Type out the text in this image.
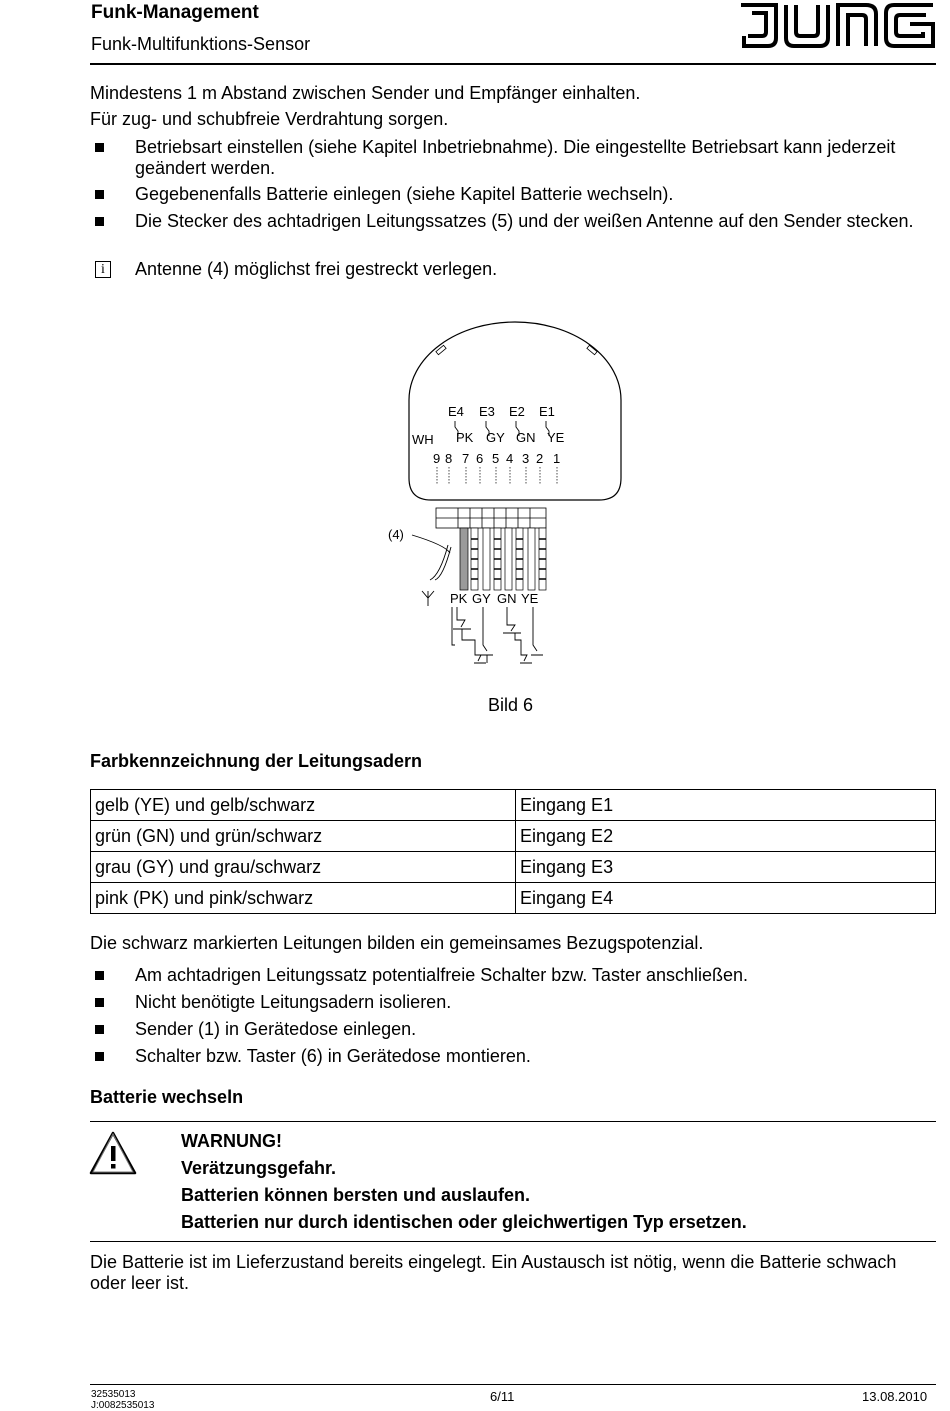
Funk-Management
Funk-Multifunktions-Sensor
Mindestens 1 m Abstand zwischen Sender und Empfänger einhalten.
Für zug- und schubfreie Verdrahtung sorgen.
Betriebsart einstellen (siehe Kapitel Inbetriebnahme). Die eingestellte Betriebsart kann jederzeit geändert werden.
Gegebenenfalls Batterie einlegen (siehe Kapitel Batterie wechseln).
Die Stecker des achtadrigen Leitungssatzes (5) und der weißen Antenne auf den Sender stecken.
i	Antenne (4) möglichst frei gestreckt verlegen.
E4 E3 E2 E1
WH PK GY GN YE
9 8 7 6 5 4 3 2 1
(4)
PK GY GN YE
Bild 6
Farbkennzeichnung der Leitungsadern
gelb (YE) und gelb/schwarz	Eingang E1
grün (GN) und grün/schwarz	Eingang E2
grau (GY) und grau/schwarz	Eingang E3
pink (PK) und pink/schwarz	Eingang E4
Die schwarz markierten Leitungen bilden ein gemeinsames Bezugspotenzial.
Am achtadrigen Leitungssatz potentialfreie Schalter bzw. Taster anschließen.
Nicht benötigte Leitungsadern isolieren.
Sender (1) in Gerätedose einlegen.
Schalter bzw. Taster (6) in Gerätedose montieren.
Batterie wechseln
WARNUNG!
Verätzungsgefahr.
Batterien können bersten und auslaufen.
Batterien nur durch identischen oder gleichwertigen Typ ersetzen.
Die Batterie ist im Lieferzustand bereits eingelegt. Ein Austausch ist nötig, wenn die Batterie schwach oder leer ist.
32535013
J:0082535013
6/11	13.08.2010
